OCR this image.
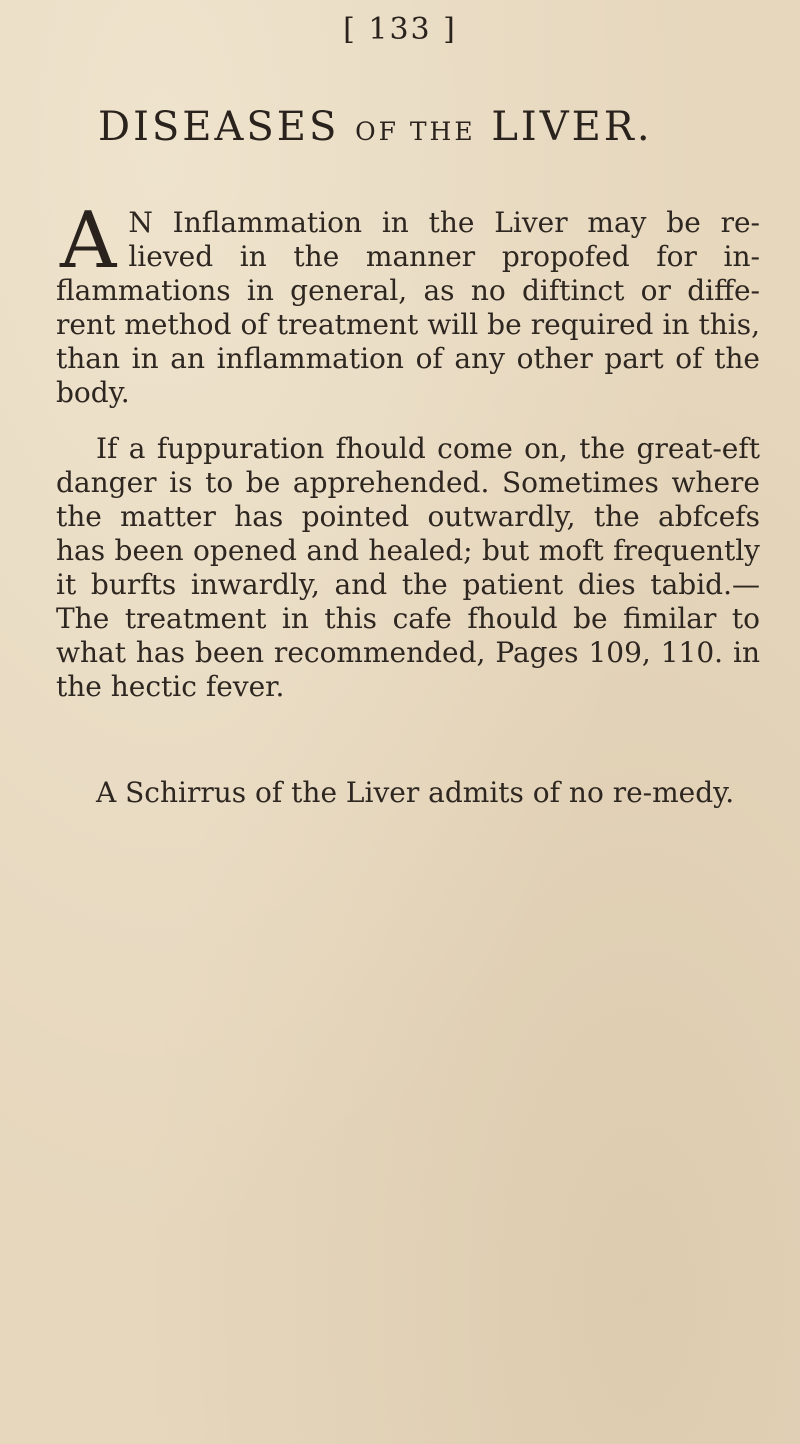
[ 133 ]
DISEASES OF THE LIVER.

A N Inflammation in the Liver may be re-lieved in the manner propofed for in-flammations in general, as no diftinct or diffe-rent method of treatment will be required in this, than in an inflammation of any other part of the body.

If a fuppuration fhould come on, the great-eft danger is to be apprehended. Sometimes where the matter has pointed outwardly, the abfcefs has been opened and healed; but moft frequently it burfts inwardly, and the patient dies tabid.—The treatment in this cafe fhould be fimilar to what has been recommended, Pages 109, 110. in the hectic fever.

A Schirrus of the Liver admits of no re-medy.
